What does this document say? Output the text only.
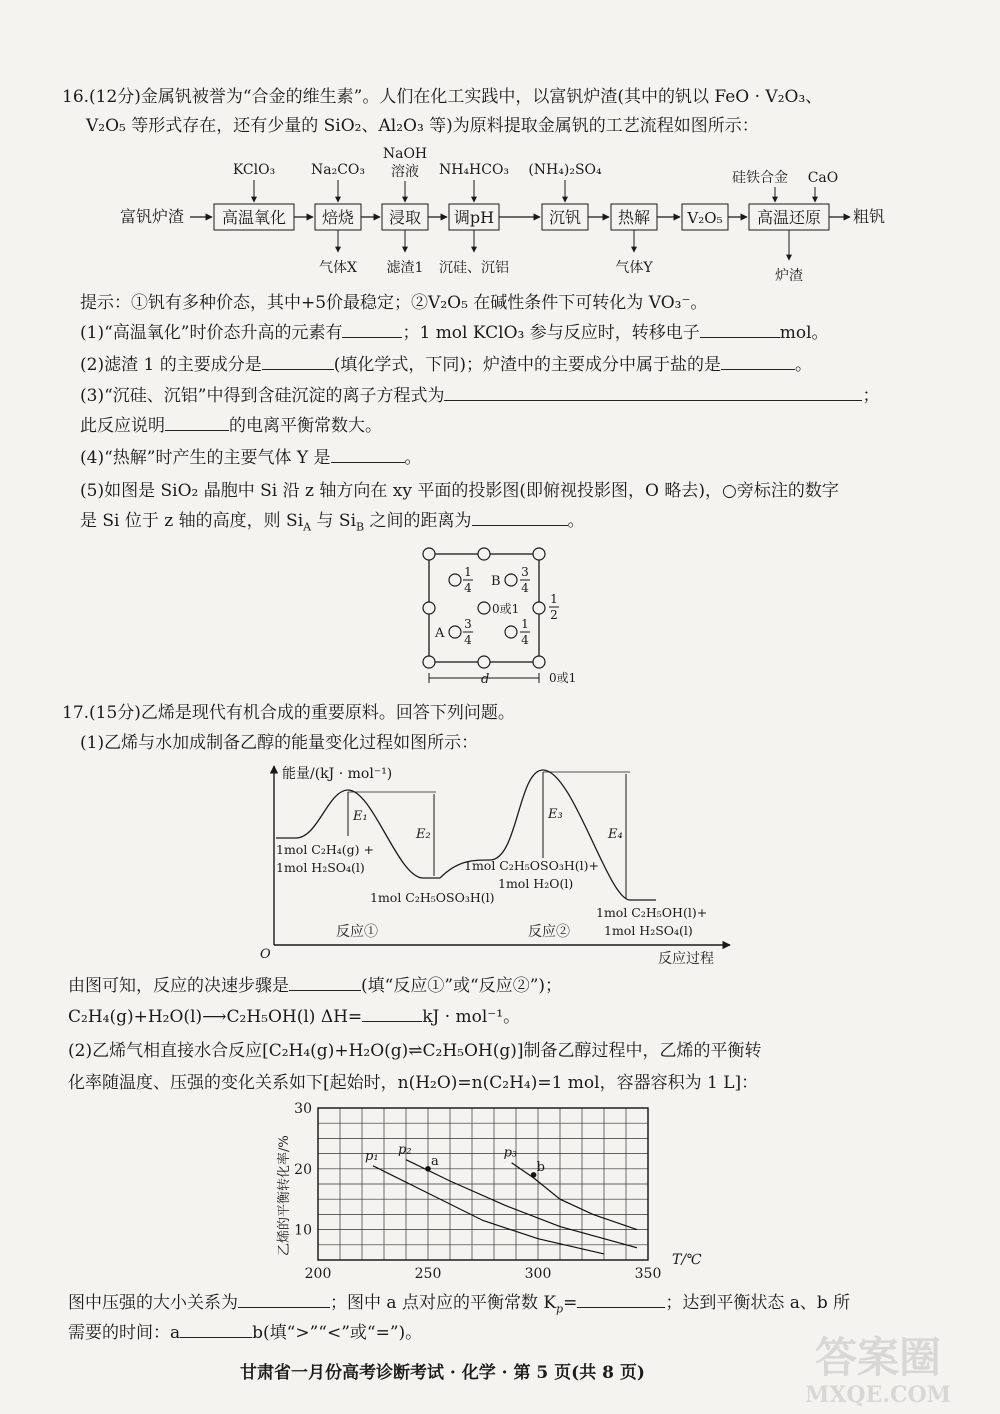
16.(12分)金属钒被誉为“合金的维生素”。人们在化工实践中，以富钒炉渣(其中的钒以 FeO · V₂O₃、
V₂O₅ 等形式存在，还有少量的 SiO₂、Al₂O₃ 等)为原料提取金属钒的工艺流程如图所示：
富钒炉渣 高温氧化 焙烧 浸取 调pH	沉钒 热解 V₂O₅ 高温还原 粗钒
KClO₃	Na₂CO₃
NaOH
溶液 NH₄HCO₃ (NH₄)₂SO₄	硅铁合金 CaO
气体X 滤渣1 沉硅、沉铝	气体Y	炉渣
提示：①钒有多种价态，其中+5价最稳定；②V₂O₅ 在碱性条件下可转化为 VO₃⁻。
(1)“高温氧化”时价态升高的元素有	；1 mol KClO₃ 参与反应时，转移电子	mol。
(2)滤渣 1 的主要成分是	(填化学式，下同)；炉渣中的主要成分中属于盐的是	。
(3)“沉硅、沉铝”中得到含硅沉淀的离子方程式为	；
此反应说明	的电离平衡常数大。
(4)“热解”时产生的主要气体 Y 是	。
(5)如图是 SiO₂ 晶胞中 Si 沿 z 轴方向在 xy 平面的投影图(即俯视投影图，O 略去)，○旁标注的数字
是 Si 位于 z 轴的高度，则 $Si_A$ 与 $Si_B$ 之间的距离为	。
1
4 B
3
4
0或1
1
2
A
3
4
1
4
d	0或1
17.(15分)乙烯是现代有机合成的重要原料。回答下列问题。
(1)乙烯与水加成制备乙醇的能量变化过程如图所示：
能量/(kJ · mol⁻¹)
O	反应过程
E₁
E₂
E₃
E₄
1mol C₂H₄(g) +
1mol H₂SO₄(l)
1mol C₂H₅OSO₃H(l)
1mol C₂H₅OSO₃H(l)+
1mol H₂O(l)
1mol C₂H₅OH(l)+
1mol H₂SO₄(l)
反应①	反应②
由图可知，反应的决速步骤是	(填“反应①”或“反应②”)；
C₂H₄(g)+H₂O(l)⟶C₂H₅OH(l) ΔH=	kJ · mol⁻¹。
(2)乙烯气相直接水合反应[C₂H₄(g)+H₂O(g)⇌C₂H₅OH(g)]制备乙醇过程中，乙烯的平衡转
化率随温度、压强的变化关系如下[起始时，n(H₂O)=n(C₂H₄)=1 mol，容器容积为 1 L]：
200	250	300	350
10
20
30
T/℃
乙烯的平衡转化率/%	p₁ p₂	p₃
a	b
图中压强的大小关系为	；图中 a 点对应的平衡常数 $K_p=$	；达到平衡状态 a、b 所
需要的时间：a	b(填“>”“<”或“=”)。
甘肃省一月份高考诊断考试 · 化学 · 第 5 页(共 8 页)	答案圈
MXQE.COM
